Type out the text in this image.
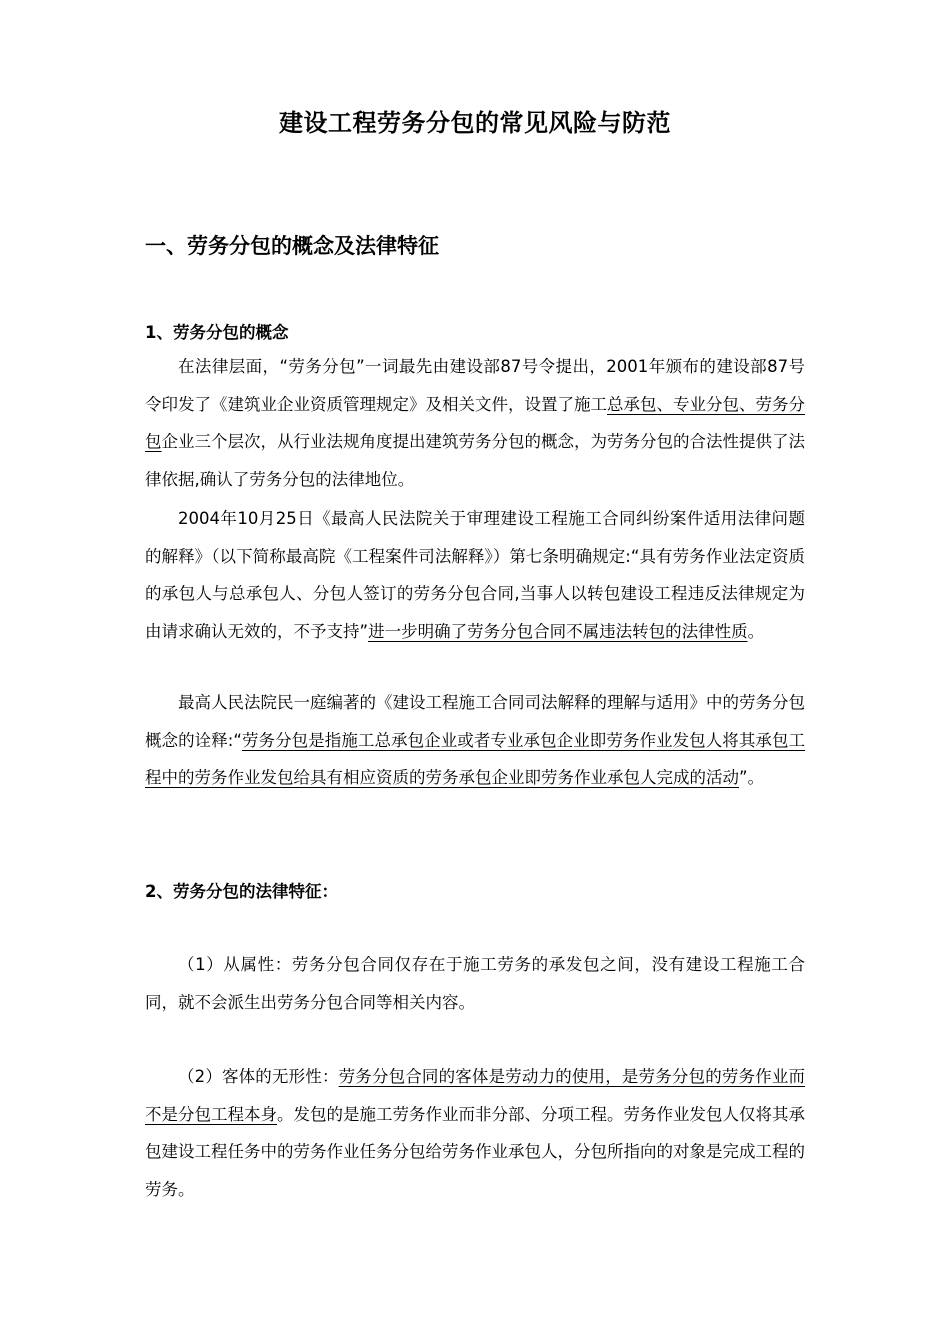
建设工程劳务分包的常见风险与防范
一、劳务分包的概念及法律特征
1、劳务分包的概念

在法律层面，“劳务分包”一词最先由建设部87号令提出，2001年颁布的建设部87号令印发了《建筑业企业资质管理规定》及相关文件，设置了施工总承包、专业分包、劳务分包企业三个层次，从行业法规角度提出建筑劳务分包的概念，为劳务分包的合法性提供了法律依据,确认了劳务分包的法律地位。

2004年10月25日《最高人民法院关于审理建设工程施工合同纠纷案件适用法律问题的解释》（以下简称最高院《工程案件司法解释》）第七条明确规定:“具有劳务作业法定资质的承包人与总承包人、分包人签订的劳务分包合同,当事人以转包建设工程违反法律规定为由请求确认无效的，不予支持”进一步明确了劳务分包合同不属违法转包的法律性质。

最高人民法院民一庭编著的《建设工程施工合同司法解释的理解与适用》中的劳务分包概念的诠释:“劳务分包是指施工总承包企业或者专业承包企业即劳务作业发包人将其承包工程中的劳务作业发包给具有相应资质的劳务承包企业即劳务作业承包人完成的活动”。

2、劳务分包的法律特征：

（1）从属性：劳务分包合同仅存在于施工劳务的承发包之间，没有建设工程施工合同，就不会派生出劳务分包合同等相关内容。

（2）客体的无形性：劳务分包合同的客体是劳动力的使用，是劳务分包的劳务作业而不是分包工程本身。发包的是施工劳务作业而非分部、分项工程。劳务作业发包人仅将其承包建设工程任务中的劳务作业任务分包给劳务作业承包人，分包所指向的对象是完成工程的劳务。
